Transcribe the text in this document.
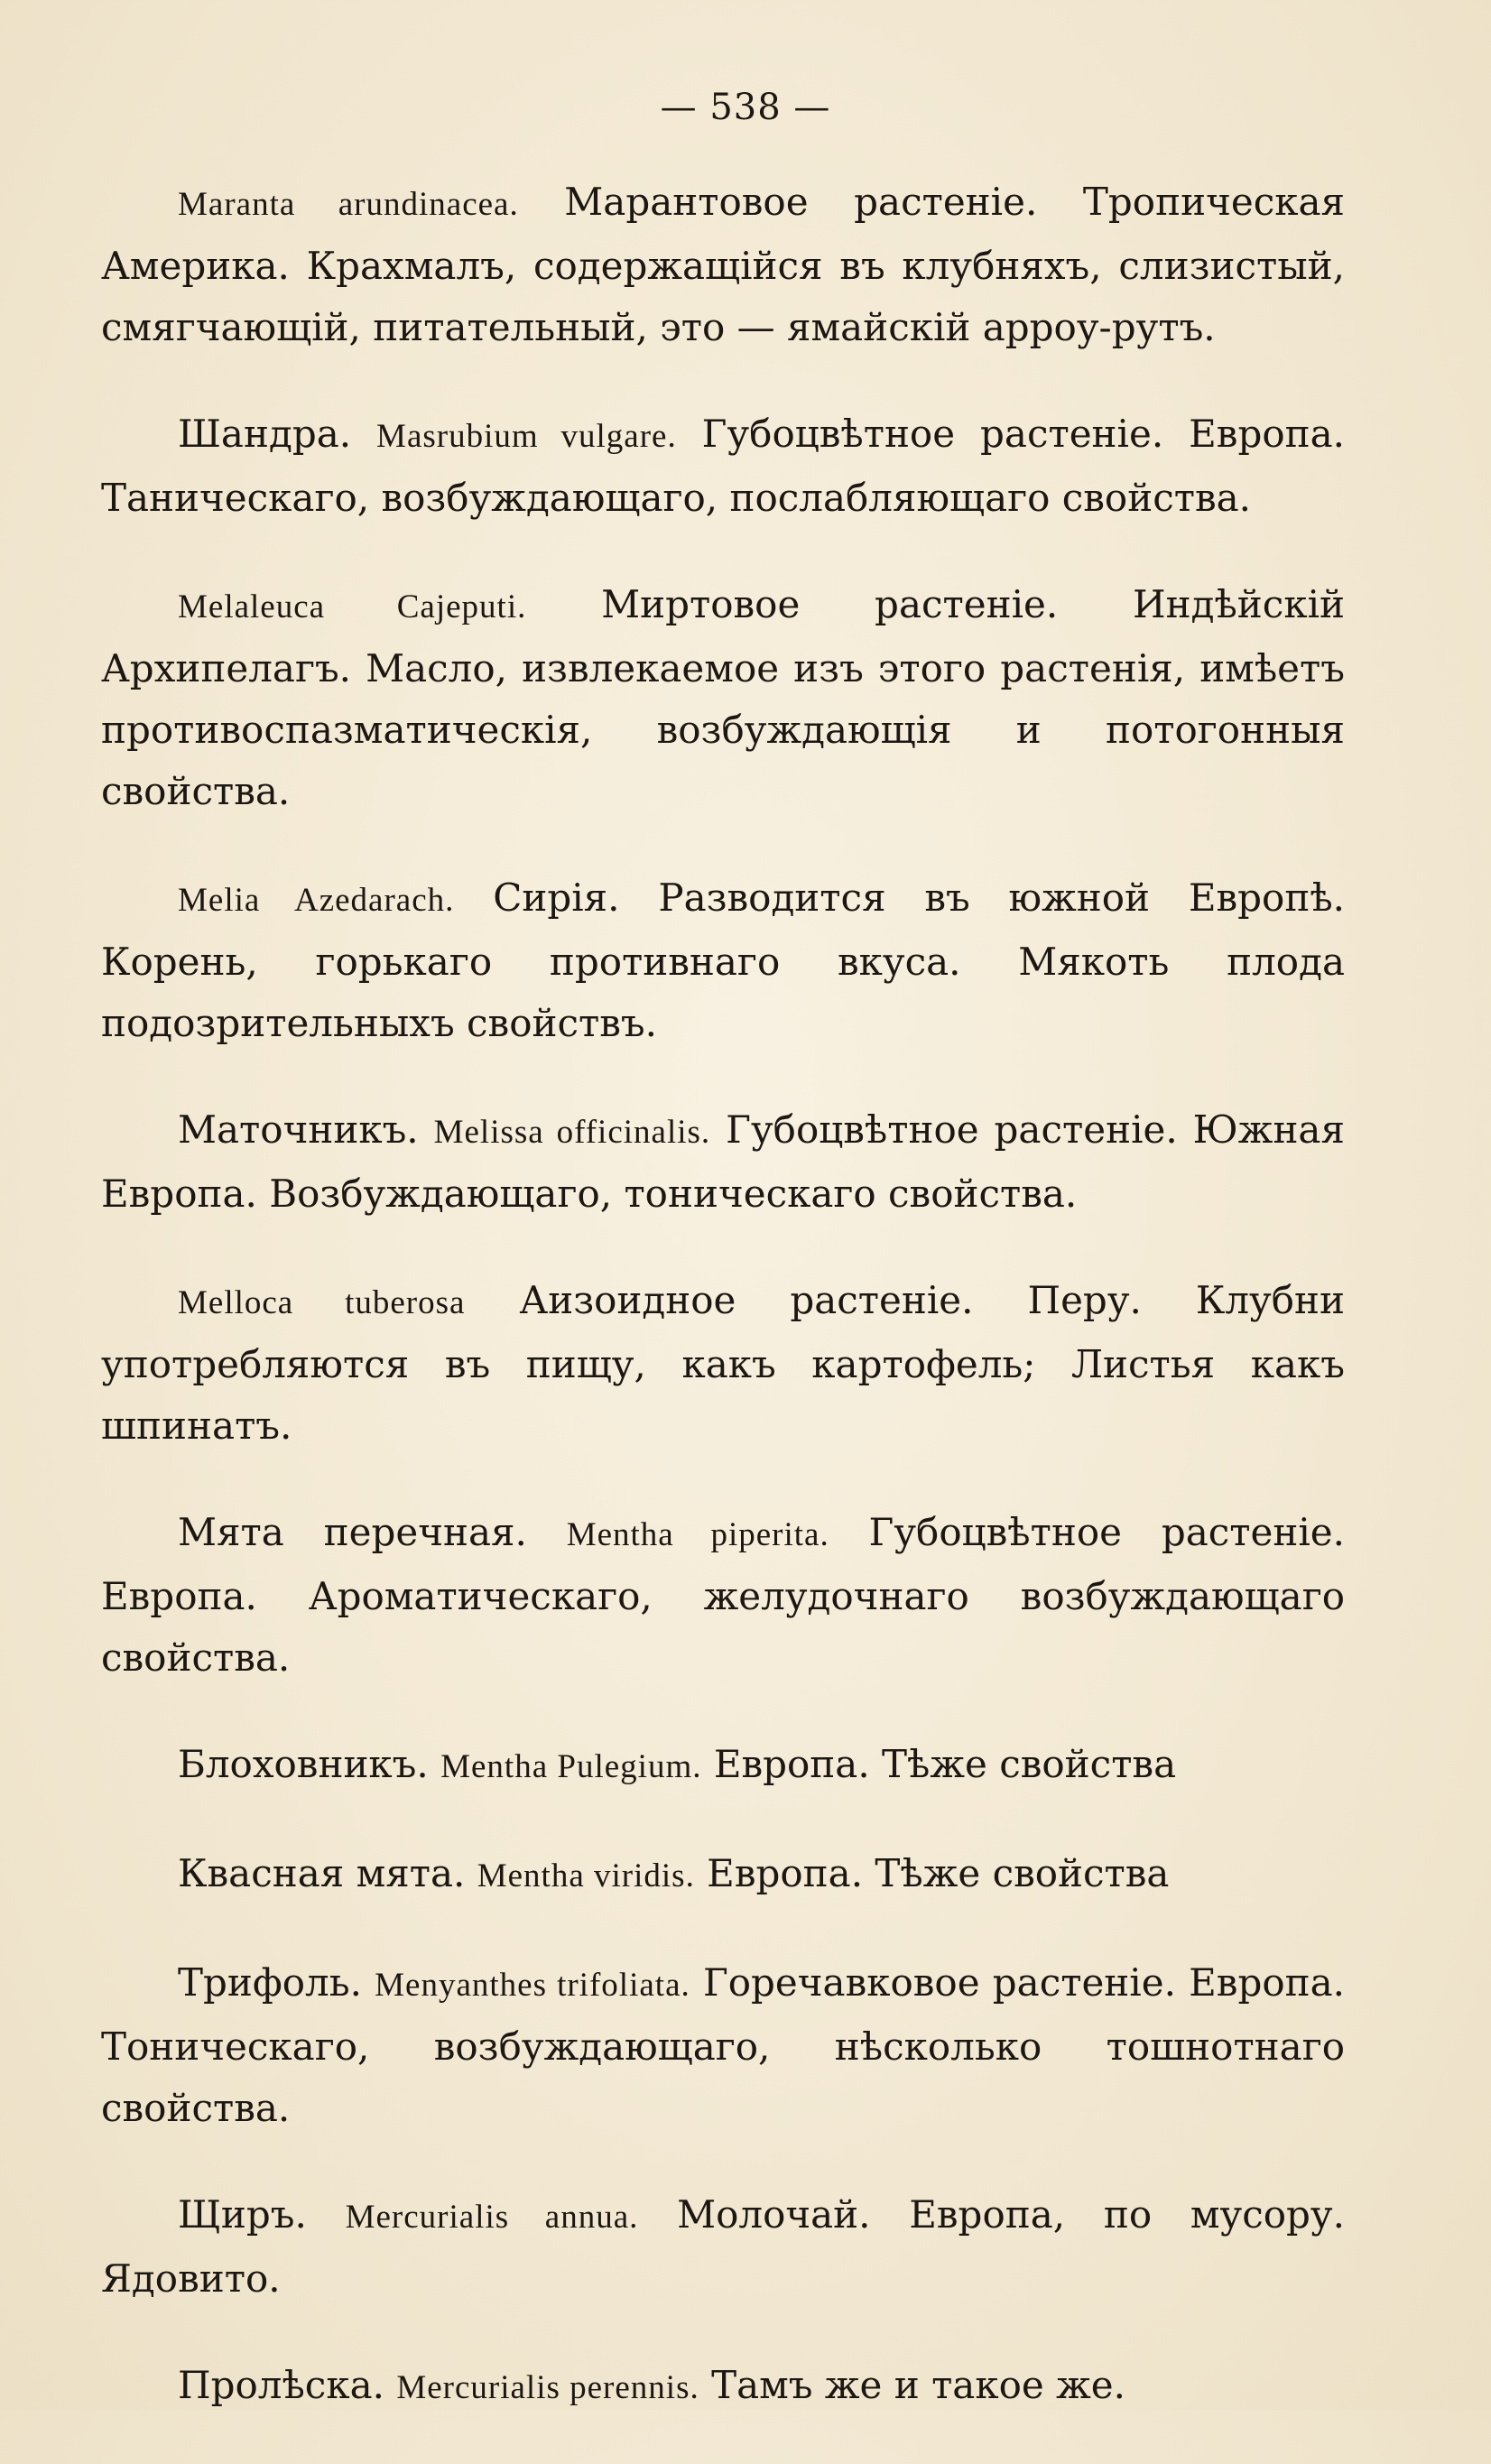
— 538 —

Maranta arundinacea. Марантовое растеніе. Тропическая Америка. Крахмалъ, содержащійся въ клубняхъ, слизистый, смягчающій, питательный, это — ямайскій арроу-рутъ.

Шандра. Masrubium vulgare. Губоцвѣтное растеніе. Европа. Таническаго, возбуждающаго, послабляющаго свойства.

Melaleuca Cajeputi. Миртовое растеніе. Индѣйскій Архипелагъ. Масло, извлекаемое изъ этого растенія, имѣетъ противоспазматическія, возбуждающія и потогонныя свойства.

Melia Azedarach. Сирія. Разводится въ южной Европѣ. Корень, горькаго противнаго вкуса. Мякоть плода подозрительныхъ свойствъ.

Маточникъ. Melissa officinalis. Губоцвѣтное растеніе. Южная Европа. Возбуждающаго, тоническаго свойства.

Melloca tuberosa Аизоидное растеніе. Перу. Клубни употребляются въ пищу, какъ картофель; Листья какъ шпинатъ.

Мята перечная. Mentha piperita. Губоцвѣтное растеніе. Европа. Ароматическаго, желудочнаго возбуждающаго свойства.

Блоховникъ. Mentha Pulegium. Европа. Тѣже свойства

Квасная мята. Mentha viridis. Европа. Тѣже свойства

Трифоль. Menyanthes trifoliata. Горечавковое растеніе. Европа. Тоническаго, возбуждающаго, нѣсколько тошнотнаго свойства.

Щиръ. Mercurialis annua. Молочай. Европа, по мусору. Ядовито.

Пролѣска. Mercurialis perennis. Тамъ же и такое же.
